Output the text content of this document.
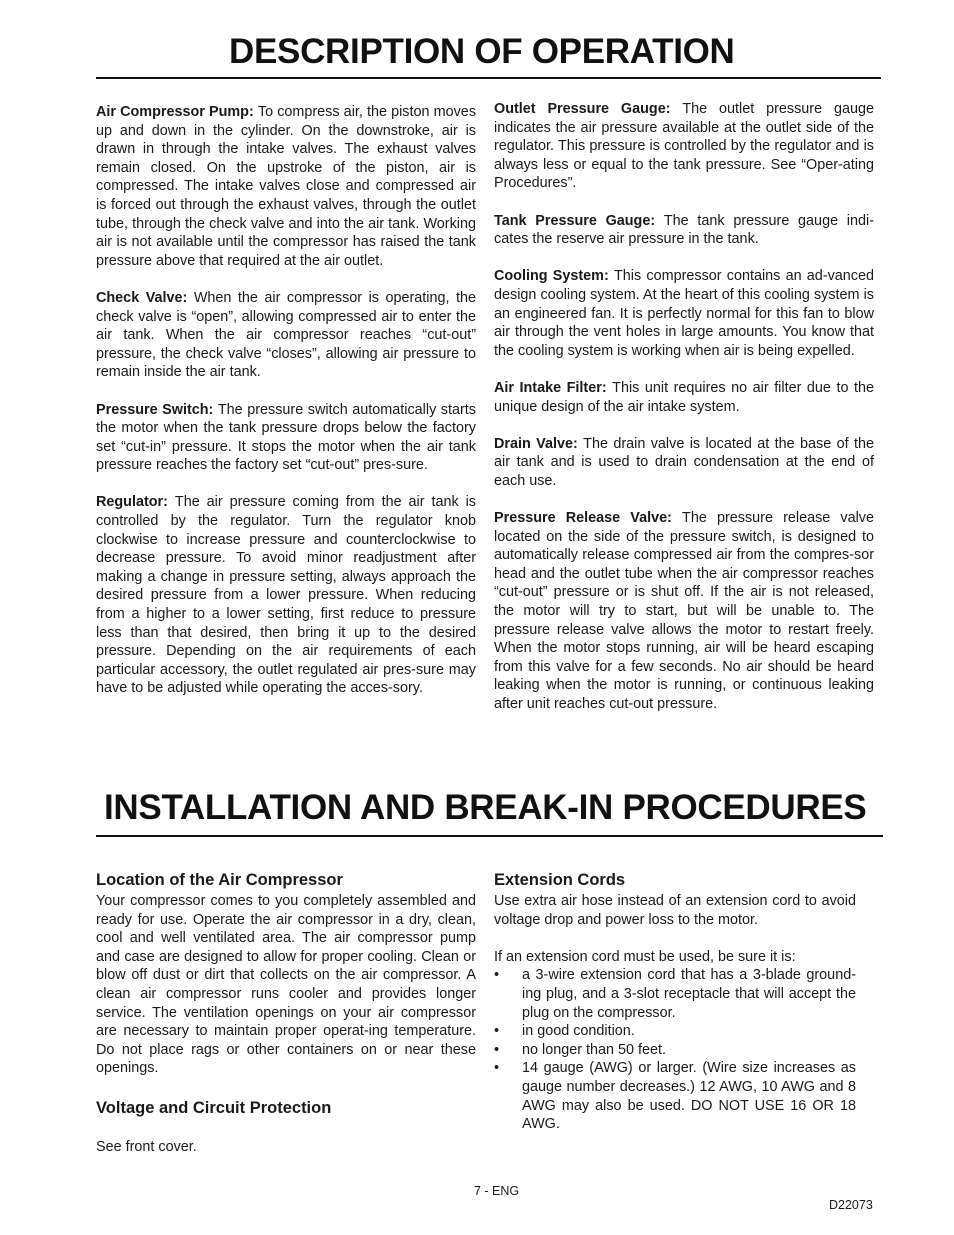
DESCRIPTION OF OPERATION

Air Compressor Pump: To compress air, the piston moves up and down in the cylinder. On the downstroke, air is drawn in through the intake valves. The exhaust valves remain closed. On the upstroke of the piston, air is compressed. The intake valves close and compressed air is forced out through the exhaust valves, through the outlet tube, through the check valve and into the air tank. Working air is not available until the compressor has raised the tank pressure above that required at the air outlet.

Check Valve: When the air compressor is operating, the check valve is “open”, allowing compressed air to enter the air tank. When the air compressor reaches “cut-out” pressure, the check valve “closes”, allowing air pressure to remain inside the air tank.

Pressure Switch: The pressure switch automatically starts the motor when the tank pressure drops below the factory set “cut-in” pressure. It stops the motor when the air tank pressure reaches the factory set “cut-out” pres-sure.

Regulator: The air pressure coming from the air tank is controlled by the regulator. Turn the regulator knob clockwise to increase pressure and counterclockwise to decrease pressure. To avoid minor readjustment after making a change in pressure setting, always approach the desired pressure from a lower pressure. When reducing from a higher to a lower setting, first reduce to pressure less than that desired, then bring it up to the desired pressure. Depending on the air requirements of each particular accessory, the outlet regulated air pres-sure may have to be adjusted while operating the acces-sory.

Outlet Pressure Gauge: The outlet pressure gauge indicates the air pressure available at the outlet side of the regulator. This pressure is controlled by the regulator and is always less or equal to the tank pressure. See “Oper-ating Procedures”.

Tank Pressure Gauge: The tank pressure gauge indi-cates the reserve air pressure in the tank.

Cooling System: This compressor contains an ad-vanced design cooling system. At the heart of this cooling system is an engineered fan. It is perfectly normal for this fan to blow air through the vent holes in large amounts. You know that the cooling system is working when air is being expelled.

Air Intake Filter: This unit requires no air filter due to the unique design of the air intake system.

Drain Valve: The drain valve is located at the base of the air tank and is used to drain condensation at the end of each use.

Pressure Release Valve: The pressure release valve located on the side of the pressure switch, is designed to automatically release compressed air from the compres-sor head and the outlet tube when the air compressor reaches “cut-out” pressure or is shut off. If the air is not released, the motor will try to start, but will be unable to. The pressure release valve allows the motor to restart freely. When the motor stops running, air will be heard escaping from this valve for a few seconds. No air should be heard leaking when the motor is running, or continuous leaking after unit reaches cut-out pressure.

INSTALLATION AND BREAK-IN PROCEDURES
Location of the Air Compressor

Your compressor comes to you completely assembled and ready for use. Operate the air compressor in a dry, clean, cool and well ventilated area. The air compressor pump and case are designed to allow for proper cooling. Clean or blow off dust or dirt that collects on the air compressor. A clean air compressor runs cooler and provides longer service. The ventilation openings on your air compressor are necessary to maintain proper operat-ing temperature. Do not place rags or other containers on or near these openings.

Voltage and Circuit Protection

See front cover.

Extension Cords

Use extra air hose instead of an extension cord to avoid voltage drop and power loss to the motor.

If an extension cord must be used, be sure it is:

• a 3-wire extension cord that has a 3-blade ground-ing plug, and a 3-slot receptacle that will accept the plug on the compressor.
• in good condition.
• no longer than 50 feet.
• 14 gauge (AWG) or larger. (Wire size increases as gauge number decreases.) 12 AWG, 10 AWG and 8 AWG may also be used. DO NOT USE 16 OR 18 AWG.
7 - ENG
D22073
